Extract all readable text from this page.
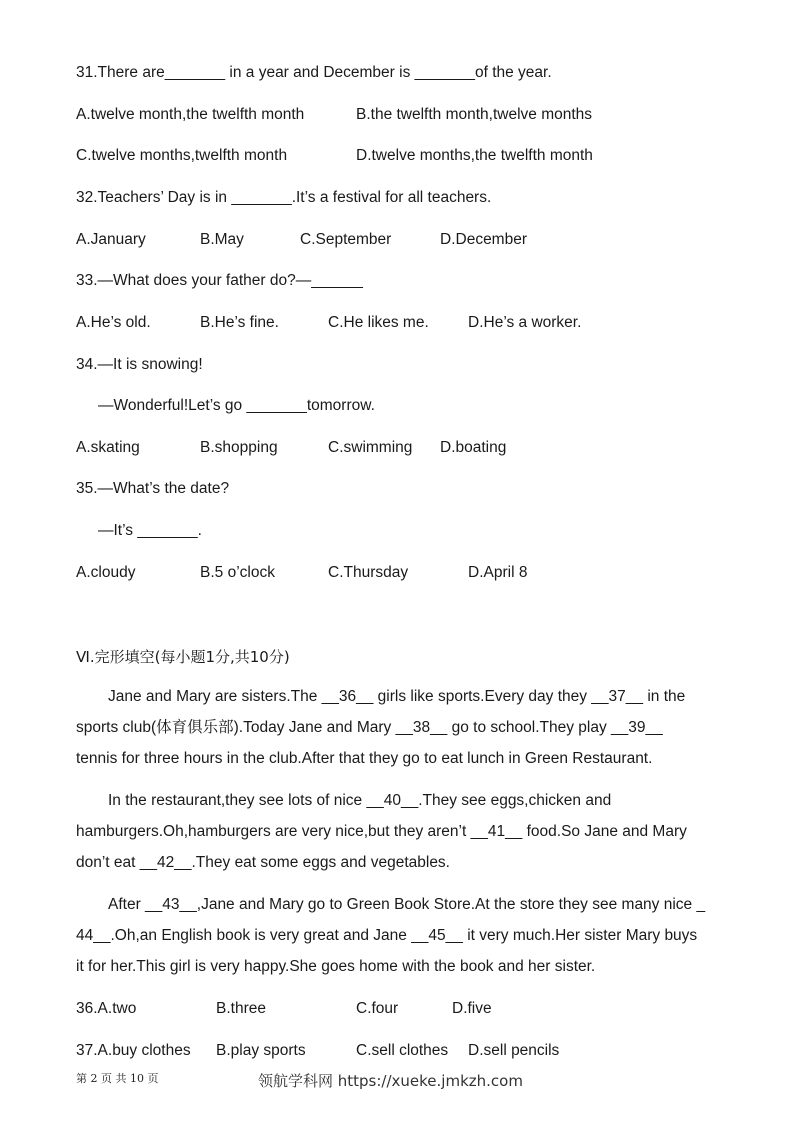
31.There are_______ in a year and December is _______of the year.
A.twelve month,the twelfth month	B.the twelfth month,twelve months
C.twelve months,twelfth month	D.twelve months,the twelfth month
32.Teachers’ Day is in _______.It’s a festival for all teachers.
A.January	B.May	C.September	D.December
33.—What does your father do?—______
A.He’s old.	B.He’s fine.	C.He likes me.	D.He’s a worker.
34.—It is snowing!
—Wonderful!Let’s go _______tomorrow.
A.skating	B.shopping	C.swimming D.boating
35.—What’s the date?
—It’s _______.
A.cloudy	B.5 o’clock	C.Thursday	D.April 8
Ⅵ.完形填空(每小题1分,共10分)
Jane and Mary are sisters.The __36__ girls like sports.Every day they __37__ in the
sports club(体育俱乐部).Today Jane and Mary __38__ go to school.They play __39__
tennis for three hours in the club.After that they go to eat lunch in Green Restaurant.
In the restaurant,they see lots of nice __40__.They see eggs,chicken and
hamburgers.Oh,hamburgers are very nice,but they aren’t __41__ food.So Jane and Mary
don’t eat __42__.They eat some eggs and vegetables.
After __43__,Jane and Mary go to Green Book Store.At the store they see many nice _
44__.Oh,an English book is very great and Jane __45__ it very much.Her sister Mary buys
it for her.This girl is very happy.She goes home with the book and her sister.
36.A.two	B.three	C.four	D.five
37.A.buy clothes B.play sports	C.sell clothes D.sell pencils
第 2 页 共 10 页	领航学科网 https://xueke.jmkzh.com
